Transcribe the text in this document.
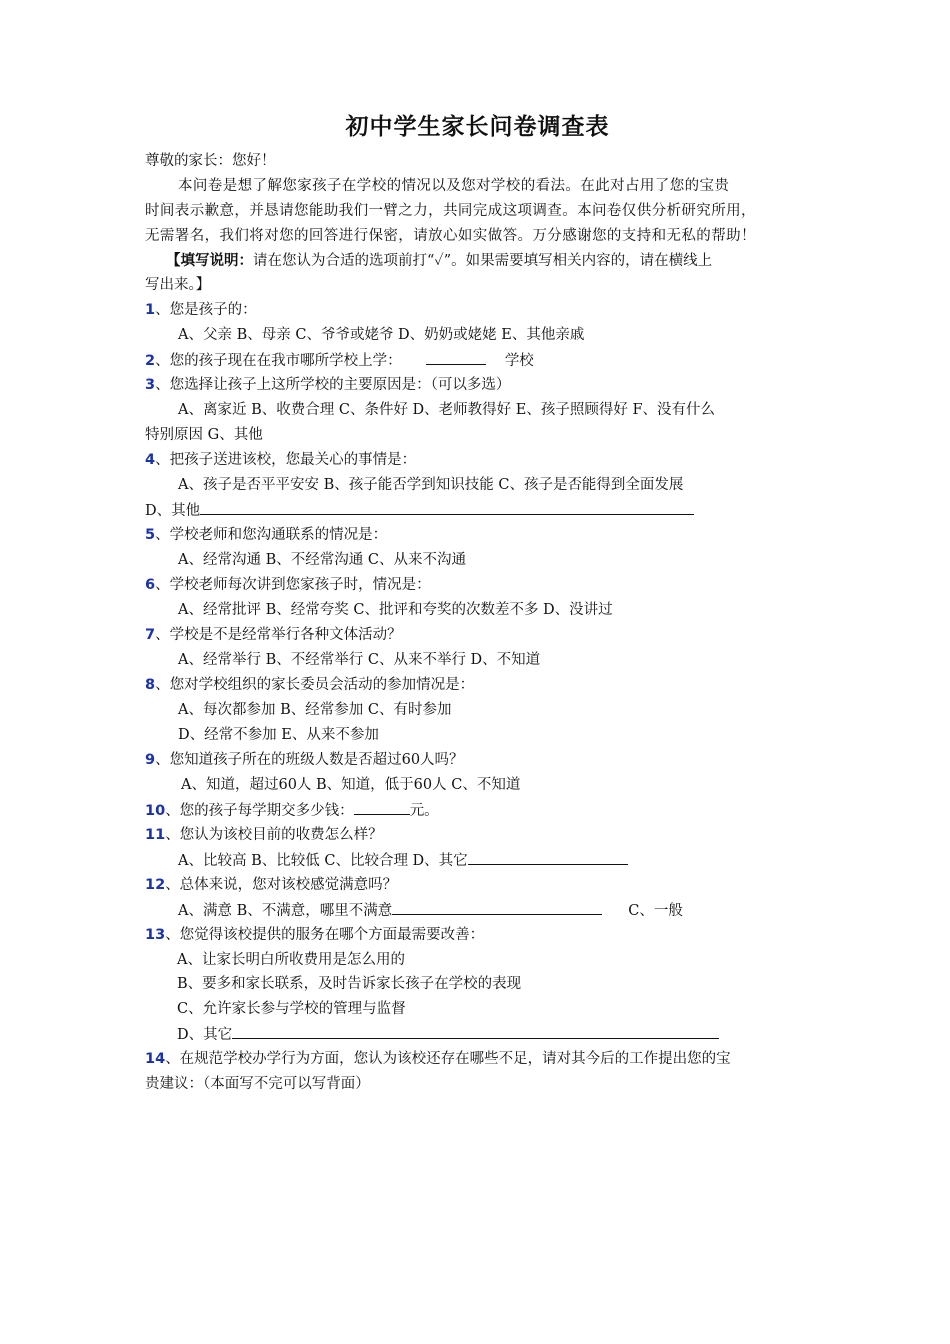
初中学生家长问卷调查表
尊敬的家长：您好！
本问卷是想了解您家孩子在学校的情况以及您对学校的看法。在此对占用了您的宝贵
时间表示歉意，并恳请您能助我们一臂之力，共同完成这项调查。本问卷仅供分析研究所用，
无需署名，我们将对您的回答进行保密，请放心如实做答。万分感谢您的支持和无私的帮助！
【填写说明：请在您认为合适的选项前打“✓”。如果需要填写相关内容的，请在横线上
写出来。】
1、您是孩子的：
A、父亲 B、母亲 C、爷爷或姥爷 D、奶奶或姥姥 E、其他亲戚
2、您的孩子现在在我市哪所学校上学：	学校
3、您选择让孩子上这所学校的主要原因是：（可以多选）
A、离家近 B、收费合理 C、条件好 D、老师教得好 E、孩子照顾得好 F、没有什么
特别原因 G、其他
4、把孩子送进该校，您最关心的事情是：
A、孩子是否平平安安 B、孩子能否学到知识技能 C、孩子是否能得到全面发展
D、其他
5、学校老师和您沟通联系的情况是：
A、经常沟通 B、不经常沟通 C、从来不沟通
6、学校老师每次讲到您家孩子时，情况是：
A、经常批评 B、经常夸奖 C、批评和夸奖的次数差不多 D、没讲过
7、学校是不是经常举行各种文体活动？
A、经常举行 B、不经常举行 C、从来不举行 D、不知道
8、您对学校组织的家长委员会活动的参加情况是：
A、每次都参加 B、经常参加 C、有时参加
D、经常不参加 E、从来不参加
9、您知道孩子所在的班级人数是否超过60人吗？
A、知道，超过60人 B、知道，低于60人 C、不知道
10、您的孩子每学期交多少钱：	元。
11、您认为该校目前的收费怎么样？
A、比较高 B、比较低 C、比较合理 D、其它
12、总体来说，您对该校感觉满意吗？
A、满意 B、不满意，哪里不满意	C、一般
13、您觉得该校提供的服务在哪个方面最需要改善：
A、让家长明白所收费用是怎么用的
B、要多和家长联系，及时告诉家长孩子在学校的表现
C、允许家长参与学校的管理与监督
D、其它
14、在规范学校办学行为方面，您认为该校还存在哪些不足，请对其今后的工作提出您的宝
贵建议：（本面写不完可以写背面）
